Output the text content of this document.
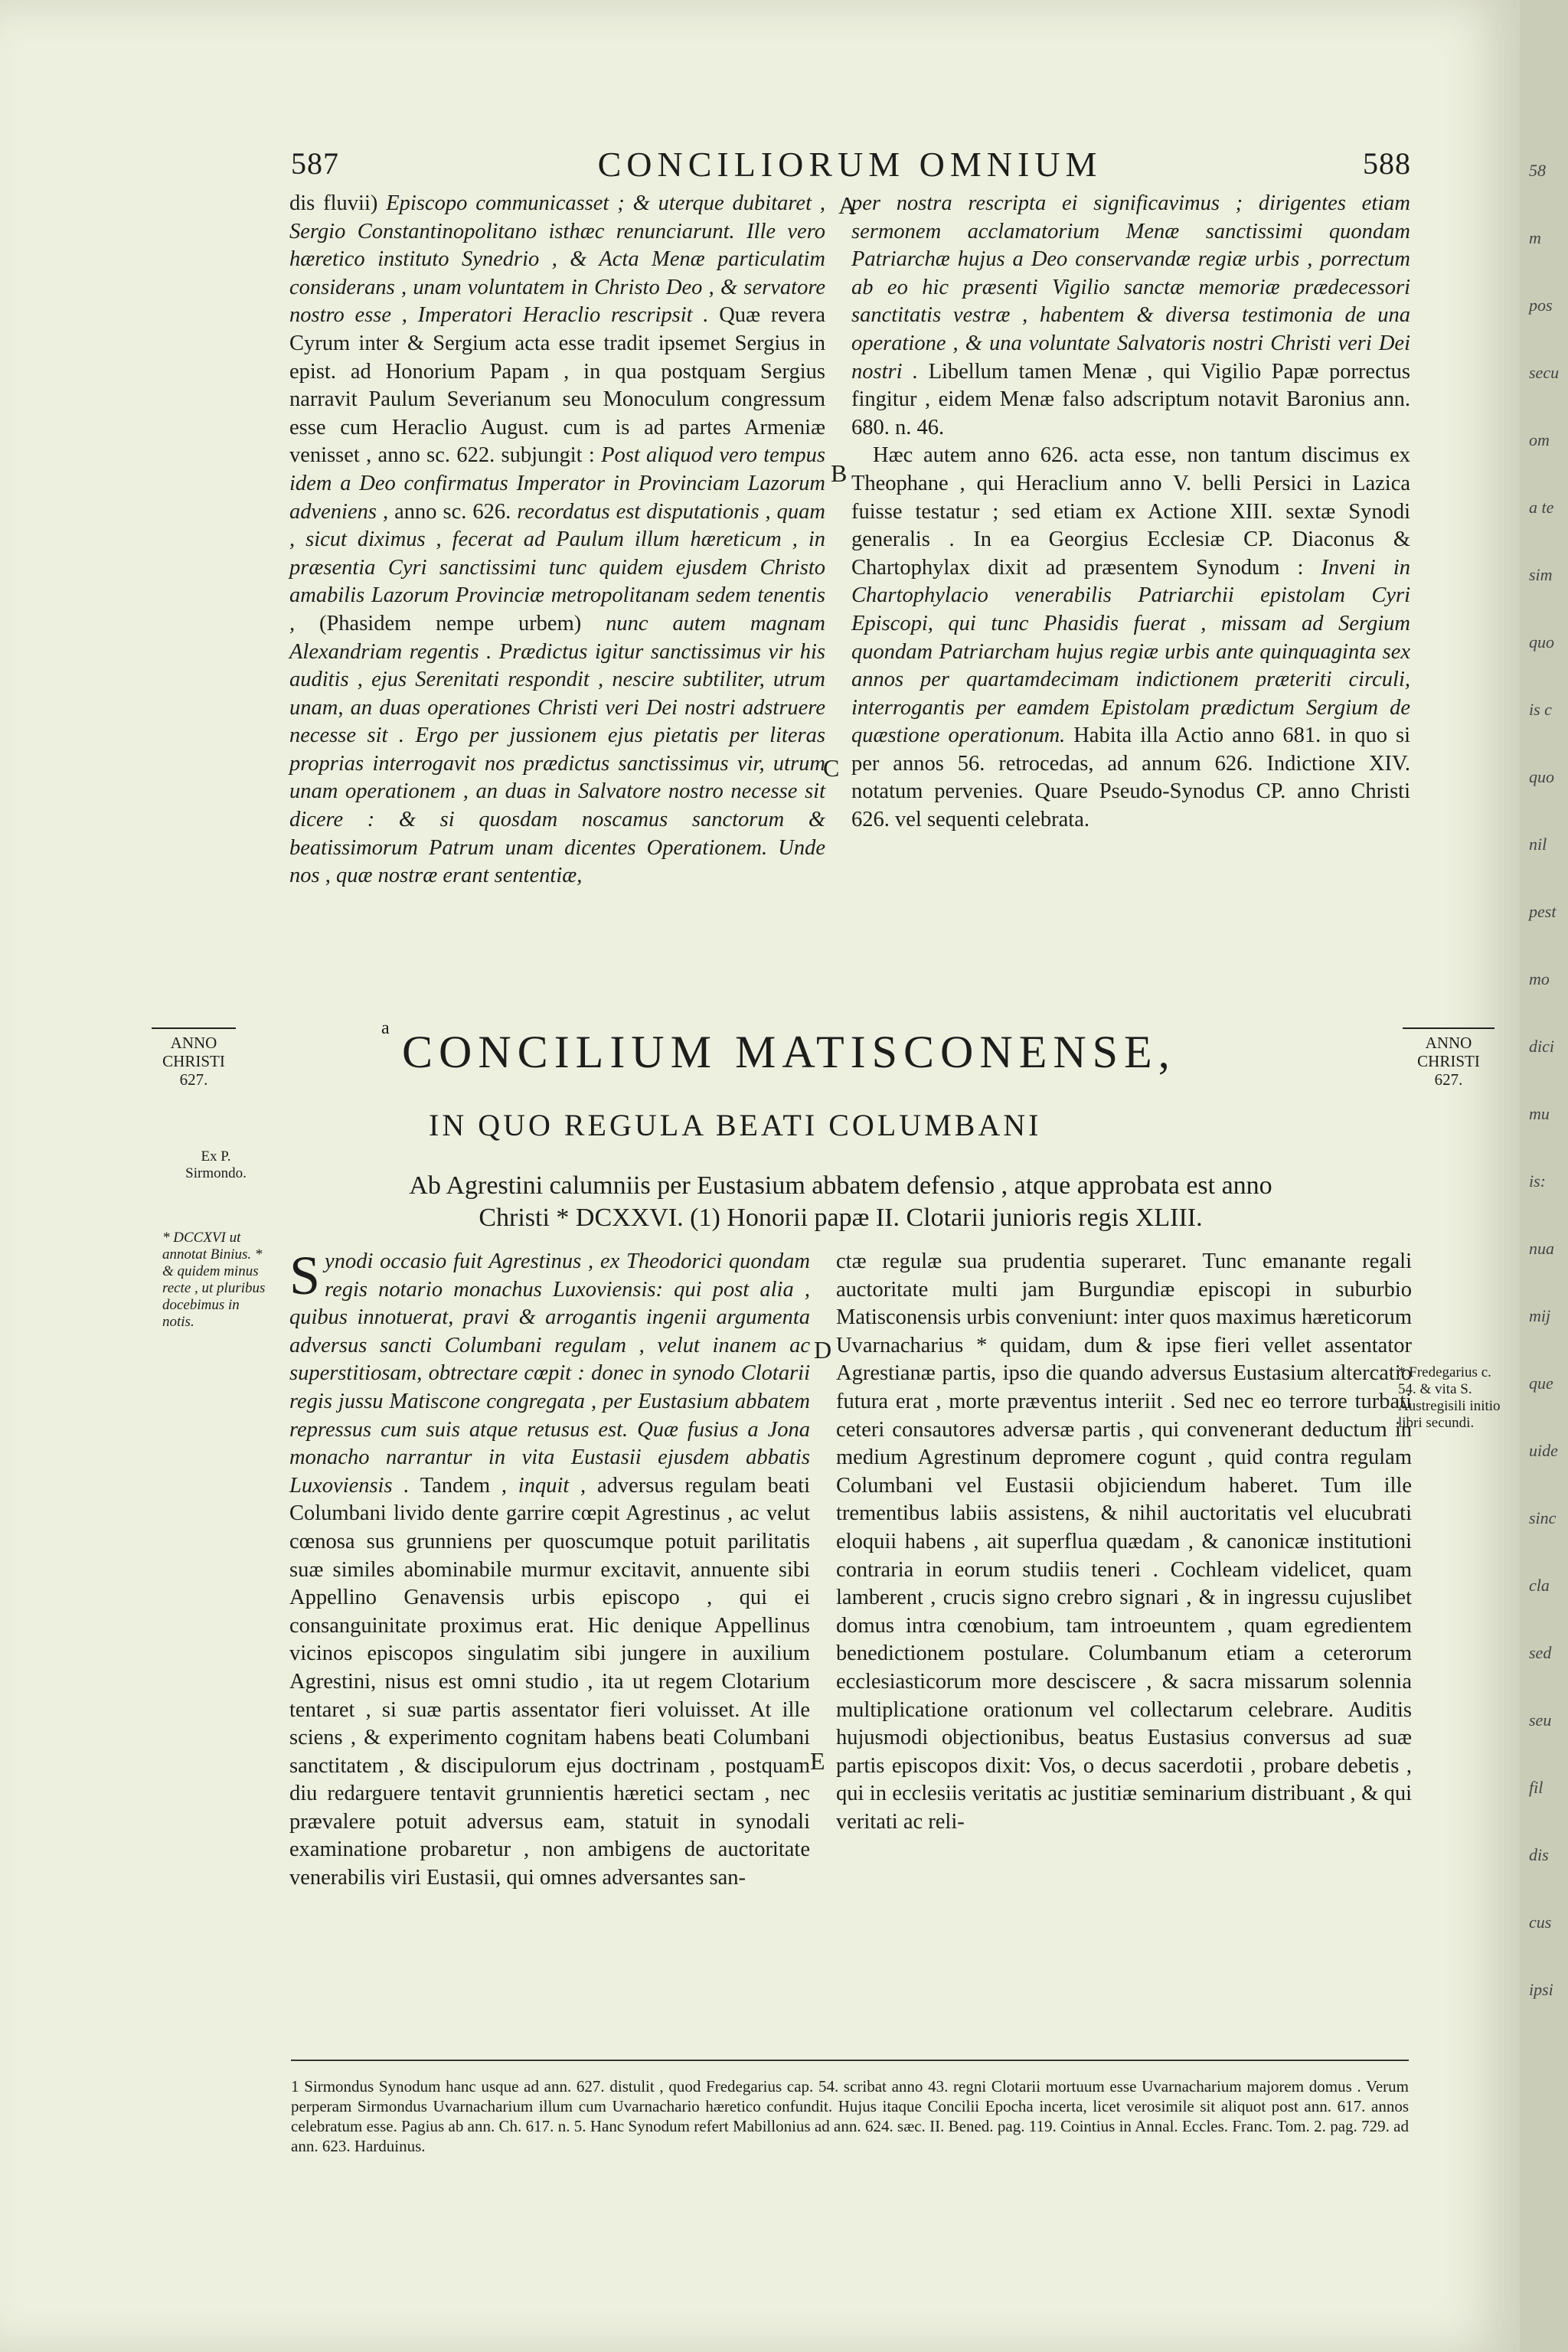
587	CONCILIORUM OMNIUM	588

dis fluvii) Episcopo communicasset ; & uterque dubitaret , Sergio Constantinopolitano isthæc renunciarunt. Ille vero hæretico instituto Synedrio , & Acta Menæ particulatim considerans , unam voluntatem in Christo Deo , & servatore nostro esse , Imperatori Heraclio rescripsit . Quæ revera Cyrum inter & Sergium acta esse tradit ipsemet Sergius in epist. ad Honorium Papam , in qua postquam Sergius narravit Paulum Severianum seu Monoculum congressum esse cum Heraclio August. cum is ad partes Armeniæ venisset , anno sc. 622. subjungit : Post aliquod vero tempus idem a Deo confirmatus Imperator in Provinciam Lazorum adveniens , anno sc. 626. recordatus est disputationis , quam , sicut diximus , fecerat ad Paulum illum hæreticum , in præsentia Cyri sanctissimi tunc quidem ejusdem Christo amabilis Lazorum Provinciæ metropolitanam sedem tenentis , (Phasidem nempe urbem) nunc autem magnam Alexandriam regentis . Prædictus igitur sanctissimus vir his auditis , ejus Serenitati respondit , nescire subtiliter, utrum unam, an duas operationes Christi veri Dei nostri adstruere necesse sit . Ergo per jussionem ejus pietatis per literas proprias interrogavit nos prædictus sanctissimus vir, utrum unam operationem , an duas in Salvatore nostro necesse sit dicere : & si quosdam noscamus sanctorum & beatissimorum Patrum unam dicentes Operationem. Unde nos , quæ nostræ erant sententiæ,

A
B
C

per nostra rescripta ei significavimus ; dirigentes etiam sermonem acclamatorium Menæ sanctissimi quondam Patriarchæ hujus a Deo conservandæ regiæ urbis , porrectum ab eo hic præsenti Vigilio sanctæ memoriæ prædecessori sanctitatis vestræ , habentem & diversa testimonia de una operatione , & una voluntate Salvatoris nostri Christi veri Dei nostri . Libellum tamen Menæ , qui Vigilio Papæ porrectus fingitur , eidem Menæ falso adscriptum notavit Baronius ann. 680. n. 46.
Hæc autem anno 626. acta esse, non tantum discimus ex Theophane , qui Heraclium anno V. belli Persici in Lazica fuisse testatur ; sed etiam ex Actione XIII. sextæ Synodi generalis . In ea Georgius Ecclesiæ CP. Diaconus & Chartophylax dixit ad præsentem Synodum : Inveni in Chartophylacio venerabilis Patriarchii epistolam Cyri Episcopi, qui tunc Phasidis fuerat , missam ad Sergium quondam Patriarcham hujus regiæ urbis ante quinquaginta sex annos per quartamdecimam indictionem præteriti circuli, interrogantis per eamdem Epistolam prædictum Sergium de quæstione operationum. Habita illa Actio anno 681. in quo si per annos 56. retrocedas, ad annum 626. Indictione XIV. notatum pervenies. Quare Pseudo-Synodus CP. anno Christi 626. vel sequenti celebrata.

ANNO
CHRISTI
627.
a CONCILIUM MATISCONENSE,	ANNO
CHRISTI
627.
Ex P. Sirmondo.
IN QUO REGULA BEATI COLUMBANI
Ab Agrestini calumniis per Eustasium abbatem defensio , atque approbata est anno
Christi * DCXXVI. (1) Honorii papæ II. Clotarii junioris regis XLIII.
* DCCXVI ut annotat Binius. * & quidem minus recte , ut pluribus docebimus in notis.

Synodi occasio fuit Agrestinus , ex Theodorici quondam regis notario monachus Luxoviensis: qui post alia , quibus innotuerat, pravi & arrogantis ingenii argumenta adversus sancti Columbani regulam , velut inanem ac superstitiosam, obtrectare cœpit : donec in synodo Clotarii regis jussu Matiscone congregata , per Eustasium abbatem repressus cum suis atque retusus est. Quæ fusius a Jona monacho narrantur in vita Eustasii ejusdem abbatis Luxoviensis . Tandem , inquit , adversus regulam beati Columbani livido dente garrire cœpit Agrestinus , ac velut cœnosa sus grunniens per quoscumque potuit parilitatis suæ similes abominabile murmur excitavit, annuente sibi Appellino Genavensis urbis episcopo , qui ei consanguinitate proximus erat. Hic denique Appellinus vicinos episcopos singulatim sibi jungere in auxilium Agrestini, nisus est omni studio , ita ut regem Clotarium tentaret , si suæ partis assentator fieri voluisset. At ille sciens , & experimento cognitam habens beati Columbani sanctitatem , & discipulorum ejus doctrinam , postquam diu redarguere tentavit grunnientis hæretici sectam , nec prævalere potuit adversus eam, statuit in synodali examinatione probaretur , non ambigens de auctoritate venerabilis viri Eustasii, qui omnes adversantes san-

D
E

ctæ regulæ sua prudentia superaret. Tunc emanante regali auctoritate multi jam Burgundiæ episcopi in suburbio Matisconensis urbis conveniunt: inter quos maximus hæreticorum Uvarnacharius * quidam, dum & ipse fieri vellet assentator Agrestianæ partis, ipso die quando adversus Eustasium altercatio futura erat , morte præventus interiit . Sed nec eo terrore turbati ceteri consautores adversæ partis , qui convenerant deductum in medium Agrestinum depromere cogunt , quid contra regulam Columbani vel Eustasii objiciendum haberet. Tum ille trementibus labiis assistens, & nihil auctoritatis vel elucubrati eloquii habens , ait superflua quædam , & canonicæ institutioni contraria in eorum studiis teneri . Cochleam videlicet, quam lamberent , crucis signo crebro signari , & in ingressu cujuslibet domus intra cœnobium, tam introeuntem , quam egredientem benedictionem postulare. Columbanum etiam a ceterorum ecclesiasticorum more desciscere , & sacra missarum solennia multiplicatione orationum vel collectarum celebrare. Auditis hujusmodi objectionibus, beatus Eustasius conversus ad suæ partis episcopos dixit: Vos, o decus sacerdotii , probare debetis , qui in ecclesiis veritatis ac justitiæ seminarium distribuant , & qui veritati ac reli-

* Fredegarius c. 54. & vita S. Austregisili initio libri secundi.
1 Sirmondus Synodum hanc usque ad ann. 627. distulit , quod Fredegarius cap. 54. scribat anno 43. regni Clotarii mortuum esse Uvarnacharium majorem domus . Verum perperam Sirmondus Uvarnacharium illum cum Uvarnachario hæretico confundit. Hujus itaque Concilii Epocha incerta, licet verosimile sit aliquot post ann. 617. annos celebratum esse. Pagius ab ann. Ch. 617. n. 5. Hanc Synodum refert Mabillonius ad ann. 624. sæc. II. Bened. pag. 119. Cointius in Annal. Eccles. Franc. Tom. 2. pag. 729. ad ann. 623. Harduinus.
58
m
pos
secu
om
a te
sim
quo
is c
quo
nil
pest
mo
dici
mu
is:
nua
mij
que
uide
sinc
cla
sed
seu
fil
dis
cus
ipsi
